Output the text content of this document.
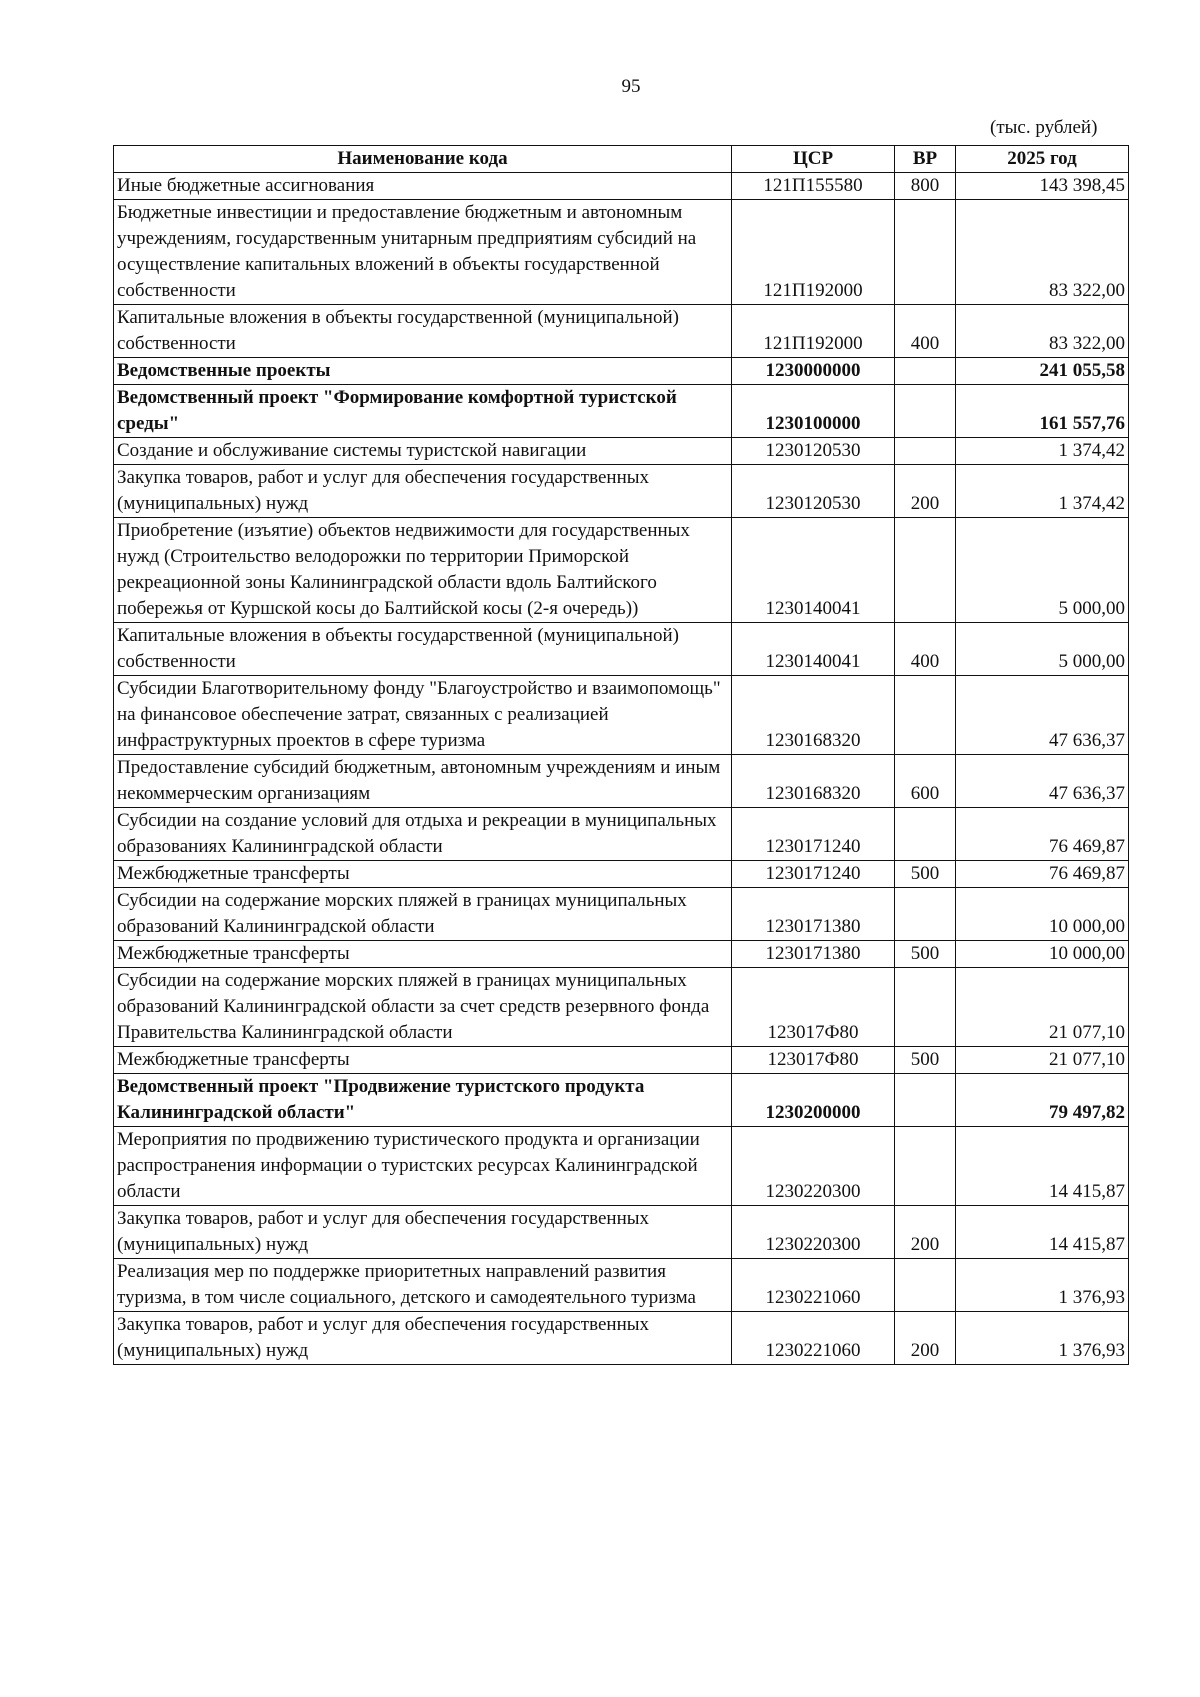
95
(тыс. рублей)
Наименование кода	ЦСР	ВР	2025 год
Иные бюджетные ассигнования	121П155580	800	143 398,45
Бюджетные инвестиции и предоставление бюджетным и автономным учреждениям, государственным унитарным предприятиям субсидий на осуществление капитальных вложений в объекты государственной собственности	121П192000		83 322,00
Капитальные вложения в объекты государственной (муниципальной) собственности	121П192000	400	83 322,00
Ведомственные проекты	1230000000		241 055,58
Ведомственный проект "Формирование комфортной туристской среды"	1230100000		161 557,76
Создание и обслуживание системы туристской навигации	1230120530		1 374,42
Закупка товаров, работ и услуг для обеспечения государственных (муниципальных) нужд	1230120530	200	1 374,42
Приобретение (изъятие) объектов недвижимости для государственных нужд (Строительство велодорожки по территории Приморской рекреационной зоны Калининградской области вдоль Балтийского побережья от Куршской косы до Балтийской косы (2-я очередь))	1230140041		5 000,00
Капитальные вложения в объекты государственной (муниципальной) собственности	1230140041	400	5 000,00
Субсидии Благотворительному фонду "Благоустройство и взаимопомощь" на финансовое обеспечение затрат, связанных с реализацией инфраструктурных проектов в сфере туризма	1230168320		47 636,37
Предоставление субсидий бюджетным, автономным учреждениям и иным некоммерческим организациям	1230168320	600	47 636,37
Субсидии на создание условий для отдыха и рекреации в муниципальных образованиях Калининградской области	1230171240		76 469,87
Межбюджетные трансферты	1230171240	500	76 469,87
Субсидии на содержание морских пляжей в границах муниципальных образований Калининградской области	1230171380		10 000,00
Межбюджетные трансферты	1230171380	500	10 000,00
Субсидии на содержание морских пляжей в границах муниципальных образований Калининградской области за счет средств резервного фонда Правительства Калининградской области	123017Ф80		21 077,10
Межбюджетные трансферты	123017Ф80	500	21 077,10
Ведомственный проект "Продвижение туристского продукта Калининградской области"	1230200000		79 497,82
Мероприятия по продвижению туристического продукта и организации распространения информации о туристских ресурсах Калининградской области	1230220300		14 415,87
Закупка товаров, работ и услуг для обеспечения государственных (муниципальных) нужд	1230220300	200	14 415,87
Реализация мер по поддержке приоритетных направлений развития туризма, в том числе социального, детского и самодеятельного туризма	1230221060		1 376,93
Закупка товаров, работ и услуг для обеспечения государственных (муниципальных) нужд	1230221060	200	1 376,93
